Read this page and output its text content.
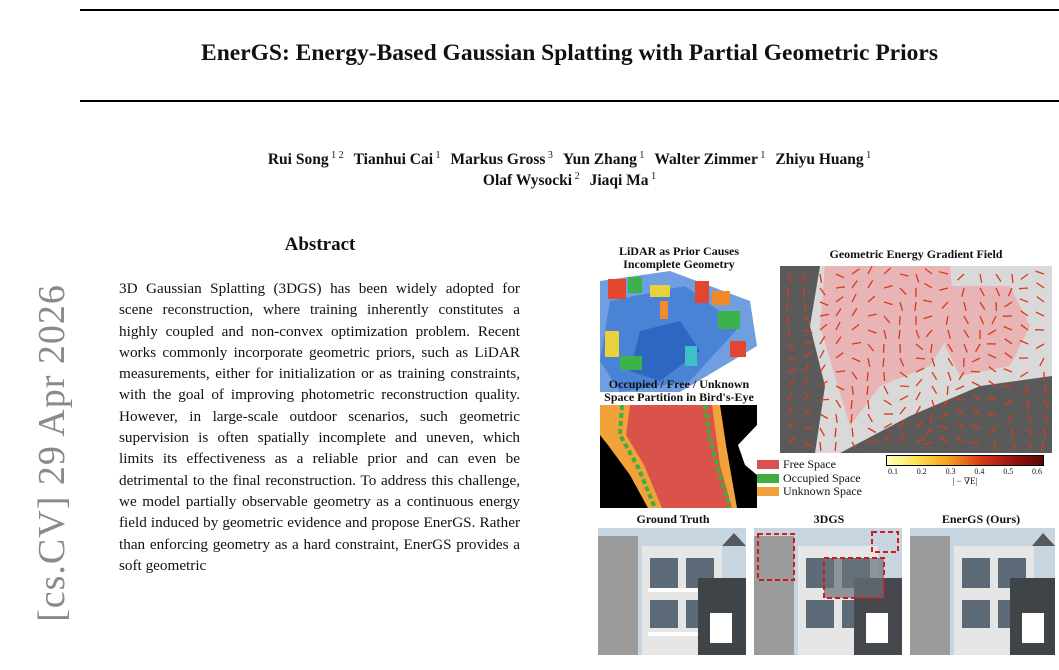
[cs.CV] 29 Apr 2026
EnerGS: Energy-Based Gaussian Splatting with Partial Geometric Priors
Rui Song $^{1 2}$ Tianhui Cai $^1$ Markus Gross $^3$ Yun Zhang $^1$ Walter Zimmer $^1$ Zhiyu Huang $^1$
Olaf Wysocki $^2$ Jiaqi Ma $^1$
Abstract
3D Gaussian Splatting (3DGS) has been widely adopted for scene reconstruction, where training inherently constitutes a highly coupled and non-convex optimization problem. Recent works commonly incorporate geometric priors, such as LiDAR measurements, either for initialization or as training constraints, with the goal of improving photometric reconstruction quality. However, in large-scale outdoor scenarios, such geometric supervision is often spatially incomplete and uneven, which limits its effectiveness as a reliable prior and can even be detrimental to the final reconstruction. To address this challenge, we model partially observable geometry as a continuous energy field induced by geometric evidence and propose EnerGS. Rather than enforcing geometry as a hard constraint, EnerGS provides a soft geometric
LiDAR as Prior Causes Incomplete Geometry
Occupied / Free / Unknown Space Partition in Bird's-Eye
Geometric Energy Gradient Field
Free Space
Occupied Space
Unknown Space
0.1 0.2 0.3 0.4 0.5 0.6
| − ∇E|
Ground Truth	3DGS	EnerGS (Ours)
